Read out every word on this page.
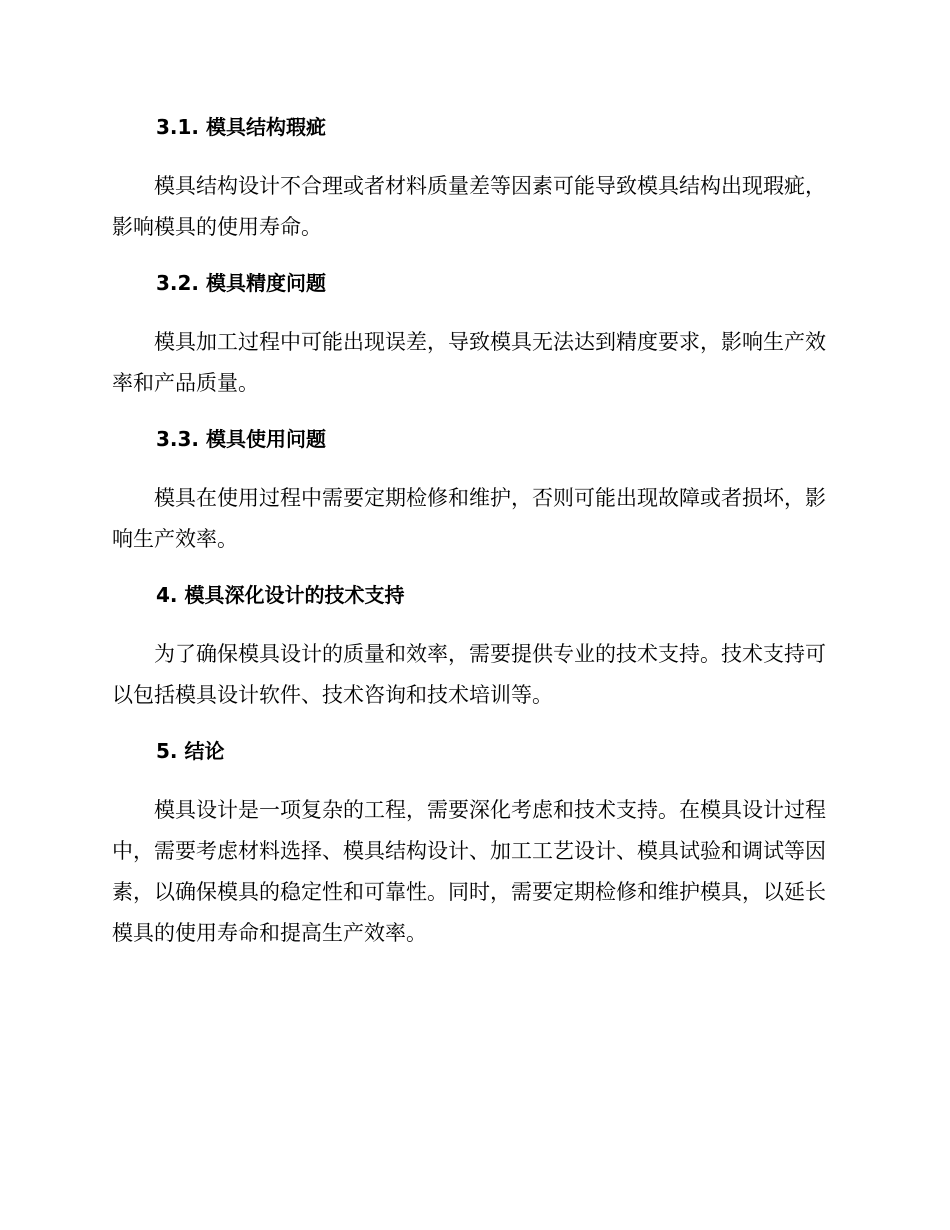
3.1. 模具结构瑕疵

模具结构设计不合理或者材料质量差等因素可能导致模具结构出现瑕疵，影响模具的使用寿命。

3.2. 模具精度问题

模具加工过程中可能出现误差，导致模具无法达到精度要求，影响生产效率和产品质量。

3.3. 模具使用问题

模具在使用过程中需要定期检修和维护，否则可能出现故障或者损坏，影响生产效率。

4. 模具深化设计的技术支持

为了确保模具设计的质量和效率，需要提供专业的技术支持。技术支持可以包括模具设计软件、技术咨询和技术培训等。

5. 结论

模具设计是一项复杂的工程，需要深化考虑和技术支持。在模具设计过程中，需要考虑材料选择、模具结构设计、加工工艺设计、模具试验和调试等因素，以确保模具的稳定性和可靠性。同时，需要定期检修和维护模具，以延长模具的使用寿命和提高生产效率。
